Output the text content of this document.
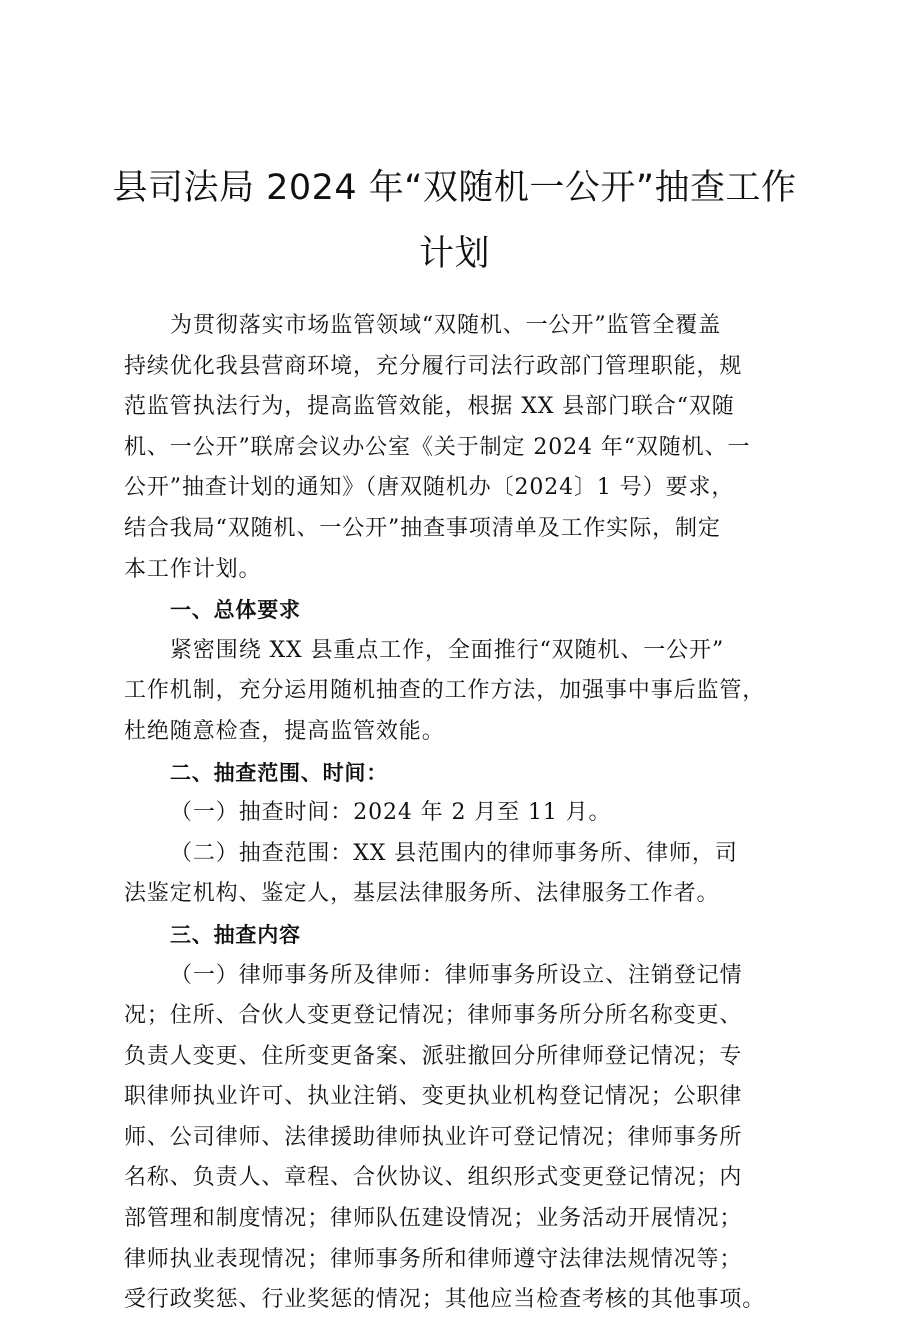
县司法局 2024 年“双随机一公开”抽查工作
计划

为贯彻落实市场监管领域“双随机、一公开”监管全覆盖
持续优化我县营商环境，充分履行司法行政部门管理职能，规
范监管执法行为，提高监管效能，根据 XX 县部门联合“双随
机、一公开”联席会议办公室《关于制定 2024 年“双随机、一
公开”抽查计划的通知》（唐双随机办〔2024〕1 号）要求，
结合我局“双随机、一公开”抽查事项清单及工作实际，制定
本工作计划。

一、总体要求

紧密围绕 XX 县重点工作，全面推行“双随机、一公开”
工作机制，充分运用随机抽查的工作方法，加强事中事后监管，
杜绝随意检查，提高监管效能。

二、抽查范围、时间：

（一）抽查时间：2024 年 2 月至 11 月。

（二）抽查范围：XX 县范围内的律师事务所、律师，司
法鉴定机构、鉴定人，基层法律服务所、法律服务工作者。

三、抽查内容

（一）律师事务所及律师：律师事务所设立、注销登记情
况；住所、合伙人变更登记情况；律师事务所分所名称变更、
负责人变更、住所变更备案、派驻撤回分所律师登记情况；专
职律师执业许可、执业注销、变更执业机构登记情况；公职律
师、公司律师、法律援助律师执业许可登记情况；律师事务所
名称、负责人、章程、合伙协议、组织形式变更登记情况；内
部管理和制度情况；律师队伍建设情况；业务活动开展情况；
律师执业表现情况；律师事务所和律师遵守法律法规情况等；
受行政奖惩、行业奖惩的情况；其他应当检查考核的其他事项。
